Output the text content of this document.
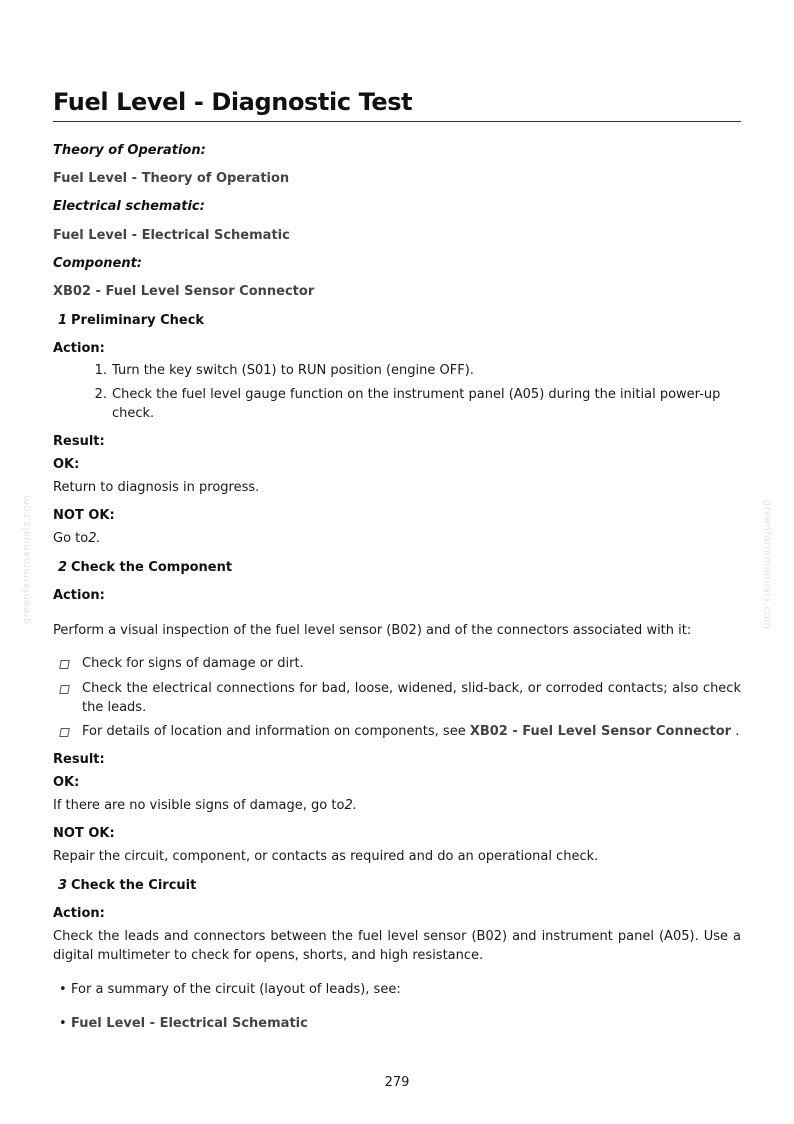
greenfarmmanuals.com	greenfarmmanuals.com
Fuel Level - Diagnostic Test
Theory of Operation:
Fuel Level - Theory of Operation
Electrical schematic:
Fuel Level - Electrical Schematic
Component:
XB02 - Fuel Level Sensor Connector
1 Preliminary Check
Action:
1. Turn the key switch (S01) to RUN position (engine OFF).
2. Check the fuel level gauge function on the instrument panel (A05) during the initial power-up
check.
Result:
OK:
Return to diagnosis in progress.
NOT OK:
Go to2.
2 Check the Component
Action:
Perform a visual inspection of the fuel level sensor (B02) and of the connectors associated with it:
Check for signs of damage or dirt.
Check the electrical connections for bad, loose, widened, slid-back, or corroded contacts; also check
the leads.
For details of location and information on components, see XB02 - Fuel Level Sensor Connector .
Result:
OK:
If there are no visible signs of damage, go to2.
NOT OK:
Repair the circuit, component, or contacts as required and do an operational check.
3 Check the Circuit
Action:
Check the leads and connectors between the fuel level sensor (B02) and instrument panel (A05). Use a
digital multimeter to check for opens, shorts, and high resistance.
• For a summary of the circuit (layout of leads), see:
• Fuel Level - Electrical Schematic
279
